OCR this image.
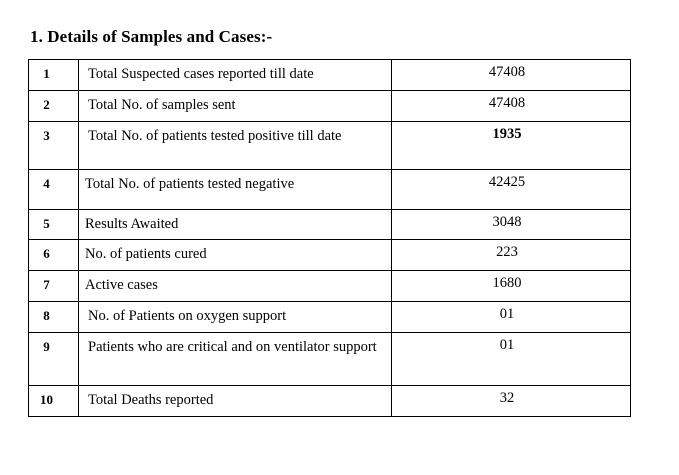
1. Details of Samples and Cases:-
1	Total Suspected cases reported till date	47408
2	Total No. of samples sent	47408
3	Total No. of patients tested positive till date	1935
4	Total No. of patients tested negative	42425
5	Results Awaited	3048
6	No. of patients cured	223
7	Active cases	1680
8	No. of Patients on oxygen support	01
9	Patients who are critical and on ventilator support	01
10	Total Deaths reported	32
